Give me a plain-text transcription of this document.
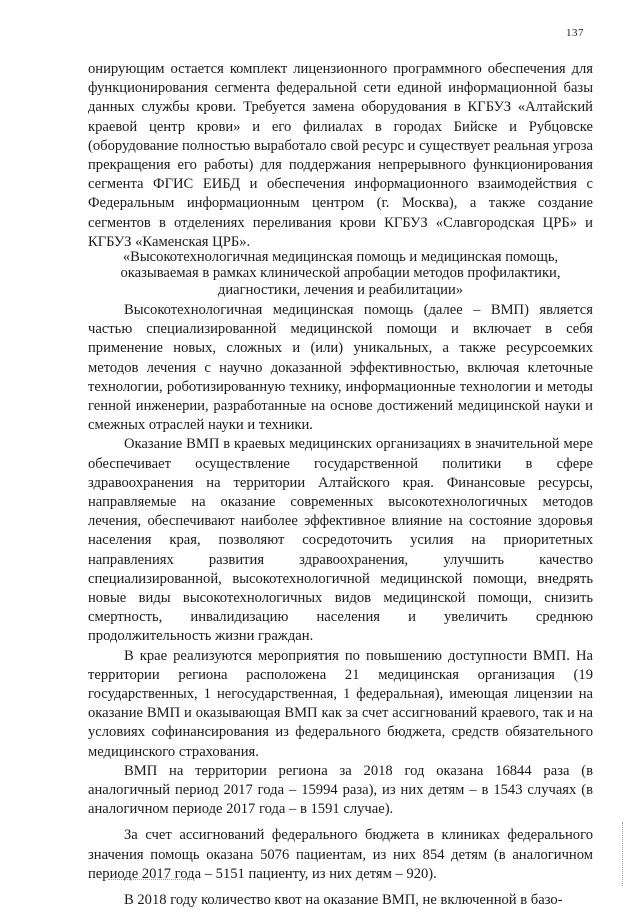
137

онирующим остается комплект лицензионного программного обеспечения для функционирования сегмента федеральной сети единой информационной базы данных службы крови. Требуется замена оборудования в КГБУЗ «Алтайский краевой центр крови» и его филиалах в городах Бийске и Рубцовске (оборудование полностью выработало свой ресурс и существует реальная угроза прекращения его работы) для поддержания непрерывного функционирования сегмента ФГИС ЕИБД и обеспечения информационного взаимодействия с Федеральным информационным центром (г. Москва), а также создание сегментов в отделениях переливания крови КГБУЗ «Славгородская ЦРБ» и КГБУЗ «Каменская ЦРБ».

«Высокотехнологичная медицинская помощь и медицинская помощь, оказываемая в рамках клинической апробации методов профилактики, диагностики, лечения и реабилитации»

Высокотехнологичная медицинская помощь (далее – ВМП) является частью специализированной медицинской помощи и включает в себя применение новых, сложных и (или) уникальных, а также ресурсоемких методов лечения с научно доказанной эффективностью, включая клеточные технологии, роботизированную технику, информационные технологии и методы генной инженерии, разработанные на основе достижений медицинской науки и смежных отраслей науки и техники.

Оказание ВМП в краевых медицинских организациях в значительной мере обеспечивает осуществление государственной политики в сфере здравоохранения на территории Алтайского края. Финансовые ресурсы, направляемые на оказание современных высокотехнологичных методов лечения, обеспечивают наиболее эффективное влияние на состояние здоровья населения края, позволяют сосредоточить усилия на приоритетных направлениях развития здравоохранения, улучшить качество специализированной, высокотехнологичной медицинской помощи, внедрять новые виды высокотехнологичных видов медицинской помощи, снизить смертность, инвалидизацию населения и увеличить среднюю продолжительность жизни граждан.

В крае реализуются мероприятия по повышению доступности ВМП. На территории региона расположена 21 медицинская организация (19 государственных, 1 негосударственная, 1 федеральная), имеющая лицензии на оказание ВМП и оказывающая ВМП как за счет ассигнований краевого, так и на условиях софинансирования из федерального бюджета, средств обязательного медицинского страхования.

ВМП на территории региона за 2018 год оказана 16844 раза (в аналогичный период 2017 года – 15994 раза), из них детям – в 1543 случаях (в аналогичном периоде 2017 года – в 1591 случае).

За счет ассигнований федерального бюджета в клиниках федерального значения помощь оказана 5076 пациентам, из них 854 детям (в аналогичном периоде 2017 года – 5151 пациенту, из них детям – 920).

В 2018 году количество квот на оказание ВМП, не включенной в базо-
